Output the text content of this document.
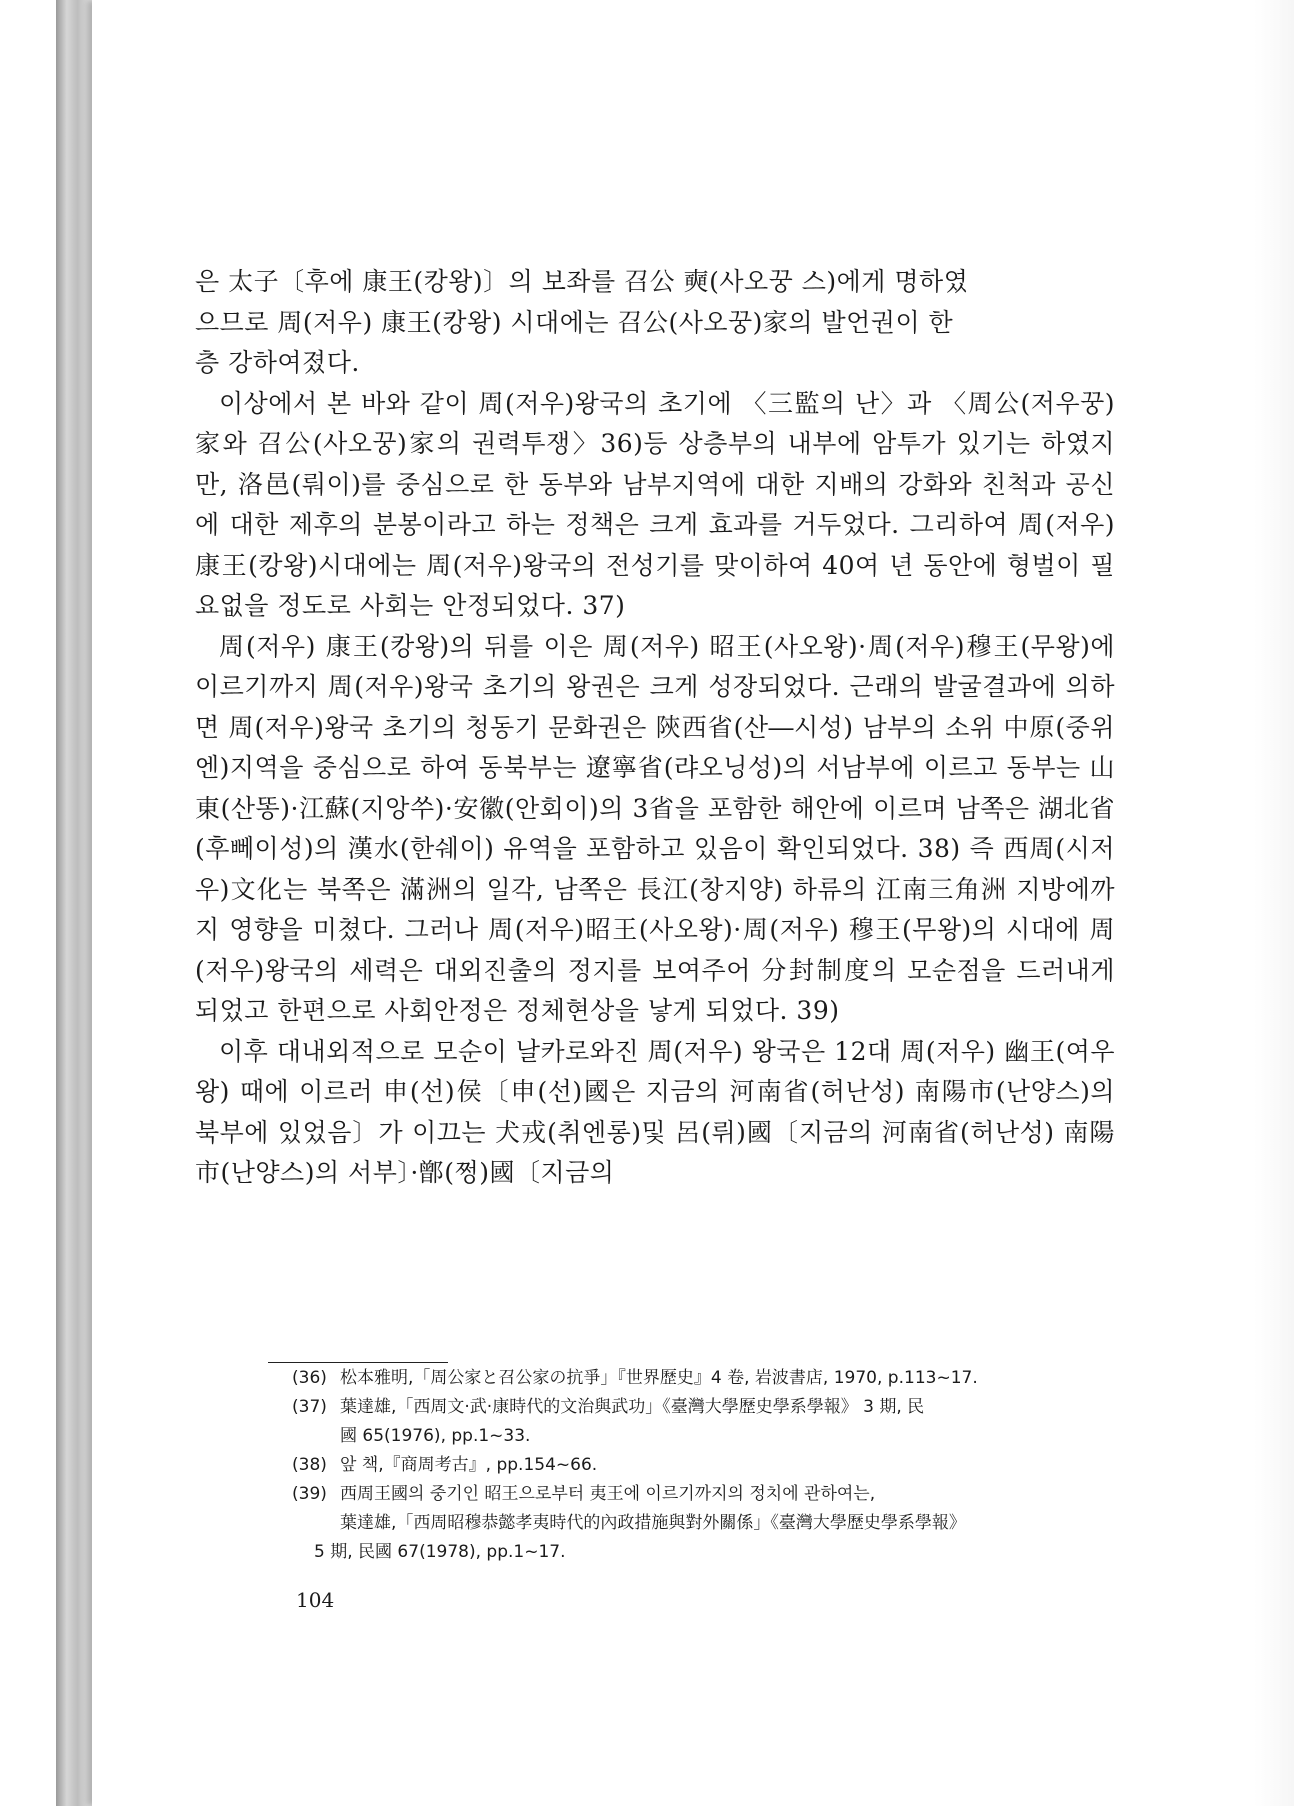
은 太子〔후에 康王(캉왕)〕의 보좌를 召公 奭(사오꿍 스)에게 명하였

으므로 周(저우) 康王(캉왕) 시대에는 召公(사오꿍)家의 발언권이 한

층 강하여졌다.

이상에서 본 바와 같이 周(저우)왕국의 초기에 〈三監의 난〉과 〈周公(저우꿍)家와 召公(사오꿍)家의 권력투쟁〉36)등 상층부의 내부에 암투가 있기는 하였지만, 洛邑(뤄이)를 중심으로 한 동부와 남부지역에 대한 지배의 강화와 친척과 공신에 대한 제후의 분봉이라고 하는 정책은 크게 효과를 거두었다. 그리하여 周(저우) 康王(캉왕)시대에는 周(저우)왕국의 전성기를 맞이하여 40여 년 동안에 형벌이 필요없을 정도로 사회는 안정되었다. 37)

周(저우) 康王(캉왕)의 뒤를 이은 周(저우) 昭王(사오왕)·周(저우)穆王(무왕)에 이르기까지 周(저우)왕국 초기의 왕권은 크게 성장되었다. 근래의 발굴결과에 의하면 周(저우)왕국 초기의 청동기 문화권은 陝西省(산―시성) 남부의 소위 中原(중위엔)지역을 중심으로 하여 동북부는 遼寧省(랴오닝성)의 서남부에 이르고 동부는 山東(산똥)·江蘇(지앙쑤)·安徽(안회이)의 3省을 포함한 해안에 이르며 남쪽은 湖北省(후뻬이성)의 漢水(한쉐이) 유역을 포함하고 있음이 확인되었다. 38) 즉 西周(시저우)文化는 북쪽은 滿洲의 일각, 남쪽은 長江(창지양) 하류의 江南三角洲 지방에까지 영향을 미쳤다. 그러나 周(저우)昭王(사오왕)·周(저우) 穆王(무왕)의 시대에 周(저우)왕국의 세력은 대외진출의 정지를 보여주어 分封制度의 모순점을 드러내게 되었고 한편으로 사회안정은 정체현상을 낳게 되었다. 39)

이후 대내외적으로 모순이 날카로와진 周(저우) 왕국은 12대 周(저우) 幽王(여우왕) 때에 이르러 申(선)侯〔申(선)國은 지금의 河南省(허난성) 南陽市(난양스)의 북부에 있었음〕가 이끄는 犬戎(취엔롱)및 呂(뤼)國〔지금의 河南省(허난성) 南陽市(난양스)의 서부〕·鄫(쩡)國〔지금의

(36) 松本雅明,「周公家と召公家の抗爭」『世界歷史』4 卷, 岩波書店, 1970, p.113~17.
(37) 葉達雄,「西周文·武·康時代的文治與武功」《臺灣大學歷史學系學報》 3 期, 民
國 65(1976), pp.1~33.
(38) 앞 책,『商周考古』, pp.154~66.
(39) 西周王國의 중기인 昭王으로부터 夷王에 이르기까지의 정치에 관하여는,
葉達雄,「西周昭穆恭懿孝夷時代的內政措施與對外關係」《臺灣大學歷史學系學報》
5 期, 民國 67(1978), pp.1~17.
104
